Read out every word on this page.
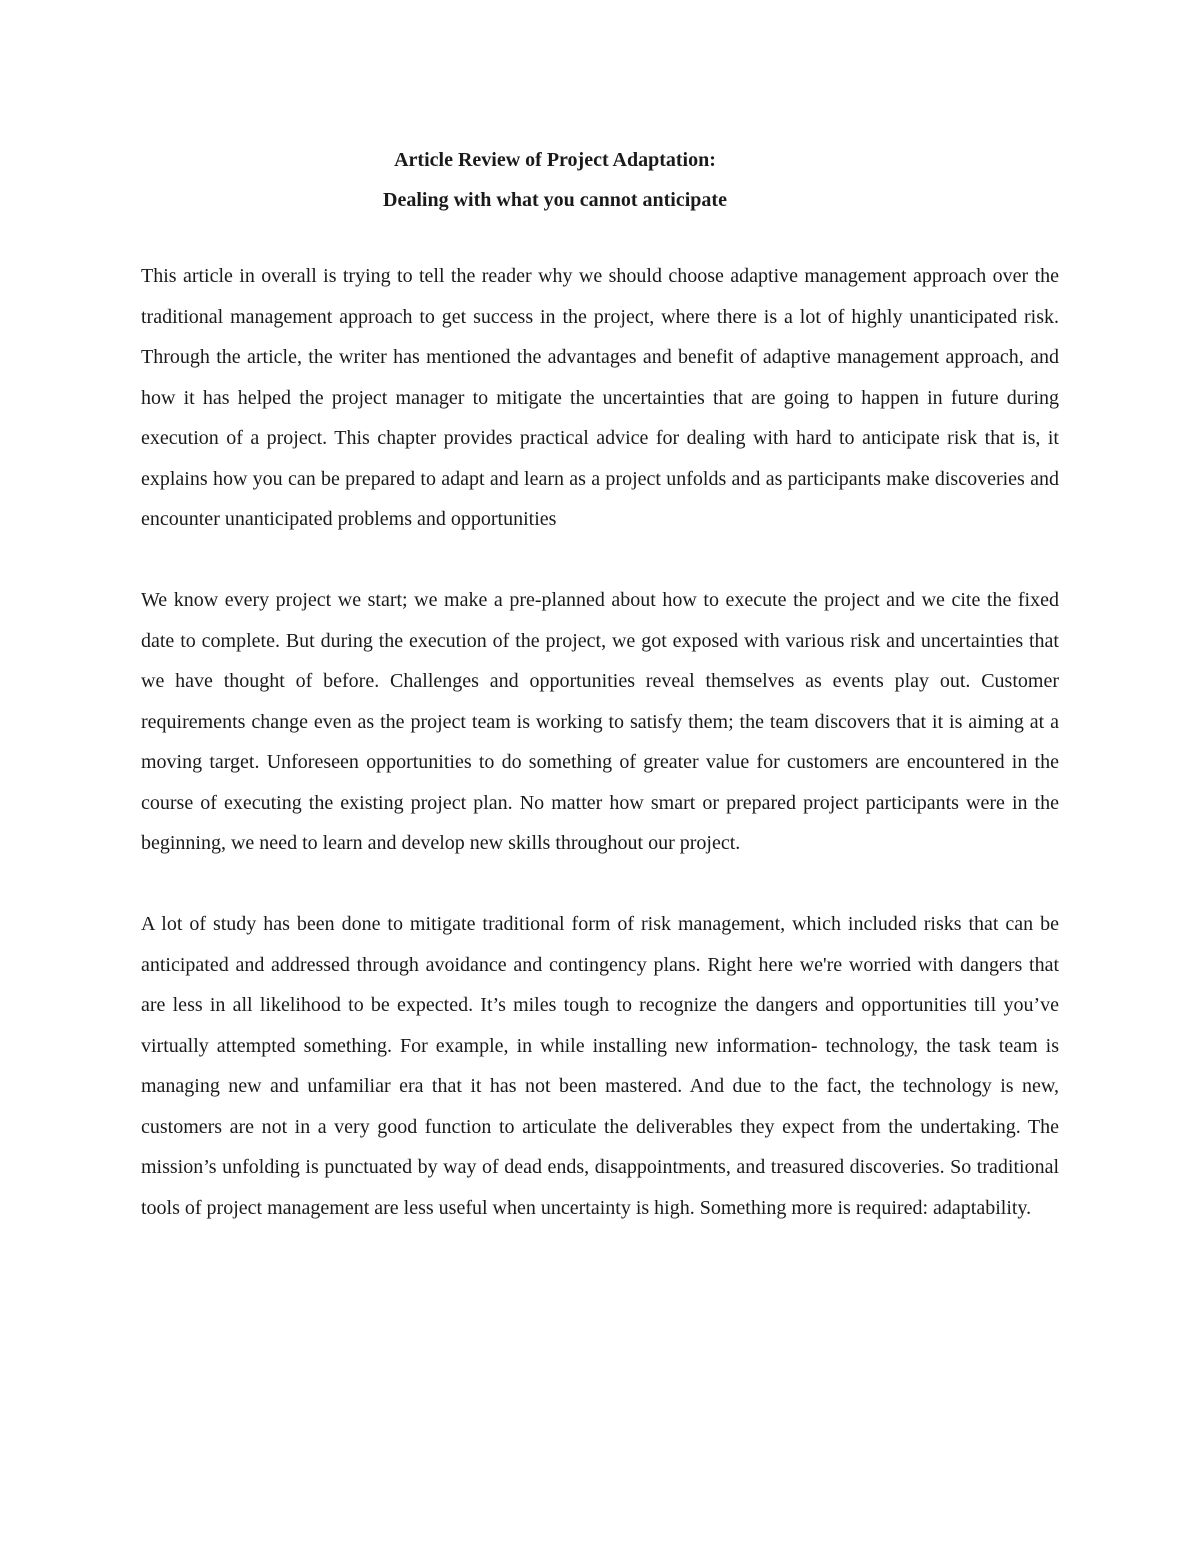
Article Review of Project Adaptation:

Dealing with what you cannot anticipate

This article in overall is trying to tell the reader why we should choose adaptive management approach over the traditional management approach to get success in the project, where there is a lot of highly unanticipated risk. Through the article, the writer has mentioned the advantages and benefit of adaptive management approach, and how it has helped the project manager to mitigate the uncertainties that are going to happen in future during execution of a project. This chapter provides practical advice for dealing with hard to anticipate risk that is, it explains how you can be prepared to adapt and learn as a project unfolds and as participants make discoveries and encounter unanticipated problems and opportunities

We know every project we start; we make a pre-planned about how to execute the project and we cite the fixed date to complete. But during the execution of the project, we got exposed with various risk and uncertainties that we have thought of before. Challenges and opportunities reveal themselves as events play out. Customer requirements change even as the project team is working to satisfy them; the team discovers that it is aiming at a moving target. Unforeseen opportunities to do something of greater value for customers are encountered in the course of executing the existing project plan. No matter how smart or prepared project participants were in the beginning, we need to learn and develop new skills throughout our project.

A lot of study has been done to mitigate traditional form of risk management, which included risks that can be anticipated and addressed through avoidance and contingency plans. Right here we're worried with dangers that are less in all likelihood to be expected. It’s miles tough to recognize the dangers and opportunities till you’ve virtually attempted something. For example, in while installing new information- technology, the task team is managing new and unfamiliar era that it has not been mastered. And due to the fact, the technology is new, customers are not in a very good function to articulate the deliverables they expect from the undertaking. The mission’s unfolding is punctuated by way of dead ends, disappointments, and treasured discoveries. So traditional tools of project management are less useful when uncertainty is high. Something more is required: adaptability.
